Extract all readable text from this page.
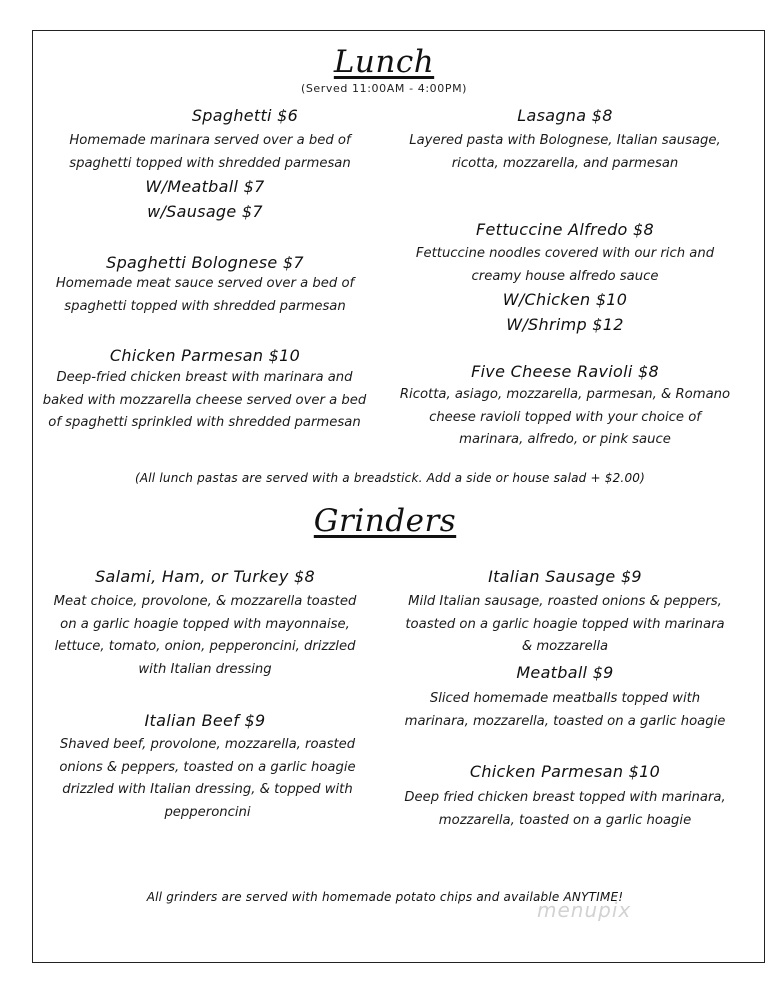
Lunch
(Served 11:00AM - 4:00PM)
Spaghetti $6
Homemade marinara served over a bed of spaghetti topped with shredded parmesan
W/Meatball $7
w/Sausage $7
Spaghetti Bolognese $7
Homemade meat sauce served over a bed of spaghetti topped with shredded parmesan
Chicken Parmesan $10
Deep-fried chicken breast with marinara and baked with mozzarella cheese served over a bed of spaghetti sprinkled with shredded parmesan
Lasagna $8
Layered pasta with Bolognese, Italian sausage, ricotta, mozzarella, and parmesan
Fettuccine Alfredo $8
Fettuccine noodles covered with our rich and creamy house alfredo sauce
W/Chicken $10
W/Shrimp $12
Five Cheese Ravioli $8
Ricotta, asiago, mozzarella, parmesan, & Romano cheese ravioli topped with your choice of marinara, alfredo, or pink sauce
(All lunch pastas are served with a breadstick. Add a side or house salad + $2.00)
Grinders
Salami, Ham, or Turkey $8
Meat choice, provolone, & mozzarella toasted on a garlic hoagie topped with mayonnaise, lettuce, tomato, onion, pepperoncini, drizzled with Italian dressing
Italian Beef $9
Shaved beef, provolone, mozzarella, roasted onions & peppers, toasted on a garlic hoagie drizzled with Italian dressing, & topped with pepperoncini
Italian Sausage $9
Mild Italian sausage, roasted onions & peppers, toasted on a garlic hoagie topped with marinara & mozzarella
Meatball $9
Sliced homemade meatballs topped with marinara, mozzarella, toasted on a garlic hoagie
Chicken Parmesan $10
Deep fried chicken breast topped with marinara, mozzarella, toasted on a garlic hoagie
All grinders are served with homemade potato chips and available ANYTIME!
menupix
